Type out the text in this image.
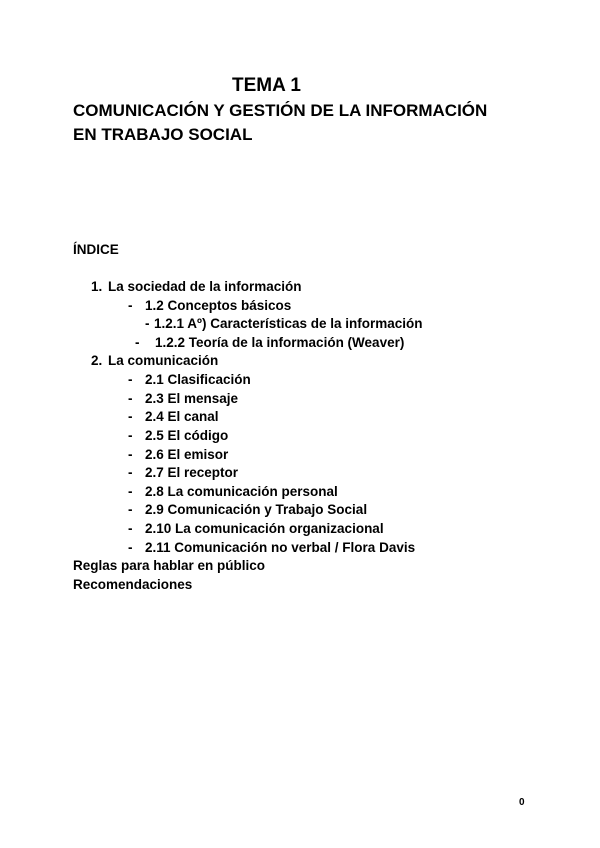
TEMA 1
COMUNICACIÓN Y GESTIÓN DE LA INFORMACIÓN
EN TRABAJO SOCIAL
ÍNDICE
1. La sociedad de la información
- 1.2 Conceptos básicos
- 1.2.1 Aº) Características de la información
- 1.2.2 Teoría de la información (Weaver)
2. La comunicación
- 2.1 Clasificación
- 2.3 El mensaje
- 2.4 El canal
- 2.5 El código
- 2.6 El emisor
- 2.7 El receptor
- 2.8 La comunicación personal
- 2.9 Comunicación y Trabajo Social
- 2.10 La comunicación organizacional
- 2.11 Comunicación no verbal / Flora Davis
Reglas para hablar en público
Recomendaciones
0
